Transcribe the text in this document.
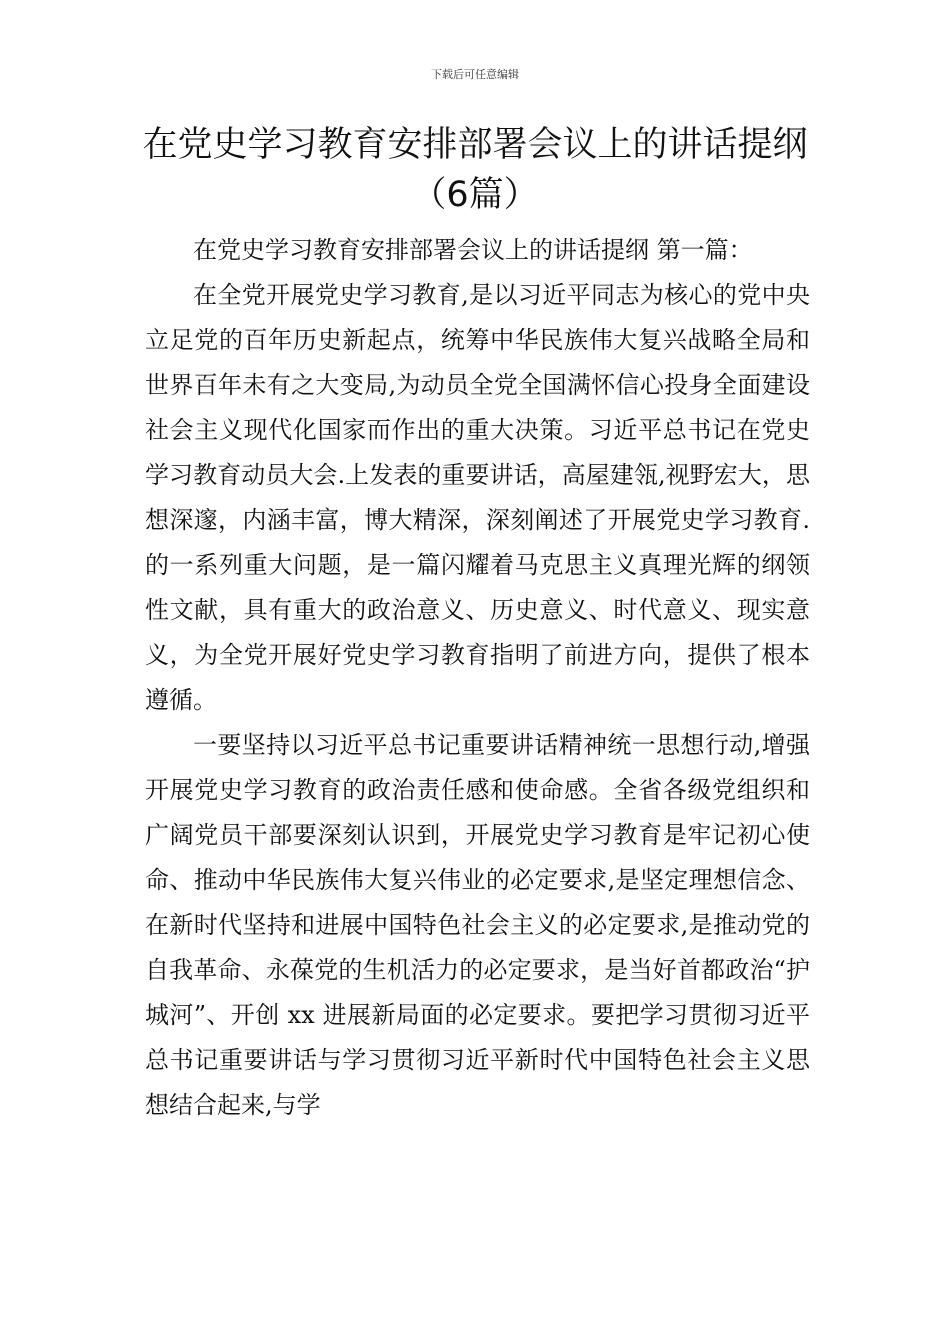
下载后可任意编辑
在党史学习教育安排部署会议上的讲话提纲（6篇）

在党史学习教育安排部署会议上的讲话提纲 第一篇：

在全党开展党史学习教育,是以习近平同志为核心的党中央立足党的百年历史新起点，统筹中华民族伟大复兴战略全局和世界百年未有之大变局,为动员全党全国满怀信心投身全面建设社会主义现代化国家而作出的重大决策。习近平总书记在党史学习教育动员大会.上发表的重要讲话，高屋建瓴,视野宏大，思想深邃，内涵丰富，博大精深，深刻阐述了开展党史学习教育.的一系列重大问题，是一篇闪耀着马克思主义真理光辉的纲领性文献，具有重大的政治意义、历史意义、时代意义、现实意义，为全党开展好党史学习教育指明了前进方向，提供了根本遵循。

一要坚持以习近平总书记重要讲话精神统一思想行动,增强开展党史学习教育的政治责任感和使命感。全省各级党组织和广阔党员干部要深刻认识到，开展党史学习教育是牢记初心使命、推动中华民族伟大复兴伟业的必定要求,是坚定理想信念、在新时代坚持和进展中国特色社会主义的必定要求,是推动党的自我革命、永葆党的生机活力的必定要求，是当好首都政治“护城河”、开创 xx 进展新局面的必定要求。要把学习贯彻习近平总书记重要讲话与学习贯彻习近平新时代中国特色社会主义思想结合起来,与学
